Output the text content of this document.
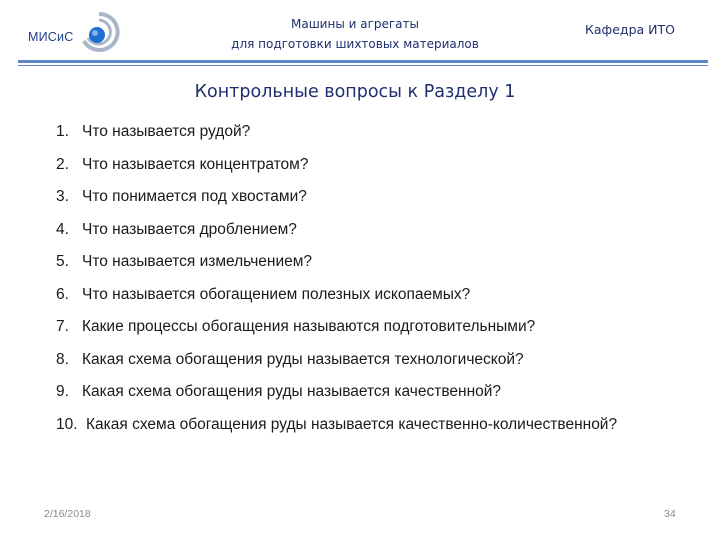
МИСиС
Машины и агрегаты
для подготовки шихтовых материалов
Кафедра ИТО
Контрольные вопросы к Разделу 1
1. Что называется рудой?
2. Что называется концентратом?
3. Что понимается под хвостами?
4. Что называется дроблением?
5. Что называется измельчением?
6. Что называется обогащением полезных ископаемых?
7. Какие процессы обогащения называются подготовительными?
8. Какая схема обогащения руды называется технологической?
9. Какая схема обогащения руды называется качественной?
10. Какая схема обогащения руды называется качественно-количественной?
2/16/2018	34
